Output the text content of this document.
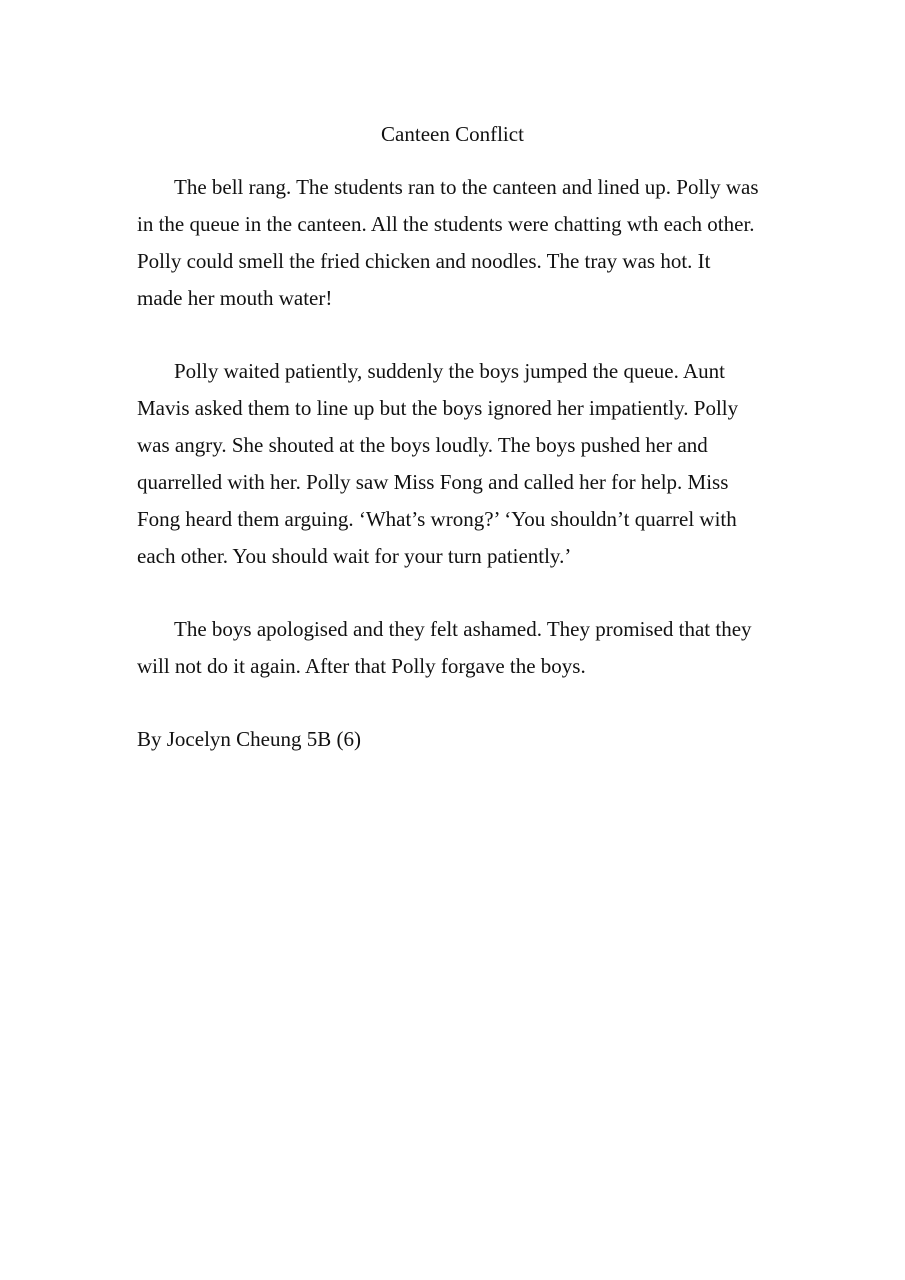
Canteen Conflict
The bell rang. The students ran to the canteen and lined up. Polly was
in the queue in the canteen. All the students were chatting wth each other.
Polly could smell the fried chicken and noodles. The tray was hot. It
made her mouth water!
Polly waited patiently, suddenly the boys jumped the queue. Aunt
Mavis asked them to line up but the boys ignored her impatiently. Polly
was angry. She shouted at the boys loudly. The boys pushed her and
quarrelled with her. Polly saw Miss Fong and called her for help. Miss
Fong heard them arguing. ‘What’s wrong?’ ‘You shouldn’t quarrel with
each other. You should wait for your turn patiently.’
The boys apologised and they felt ashamed. They promised that they
will not do it again. After that Polly forgave the boys.
By Jocelyn Cheung 5B (6)
